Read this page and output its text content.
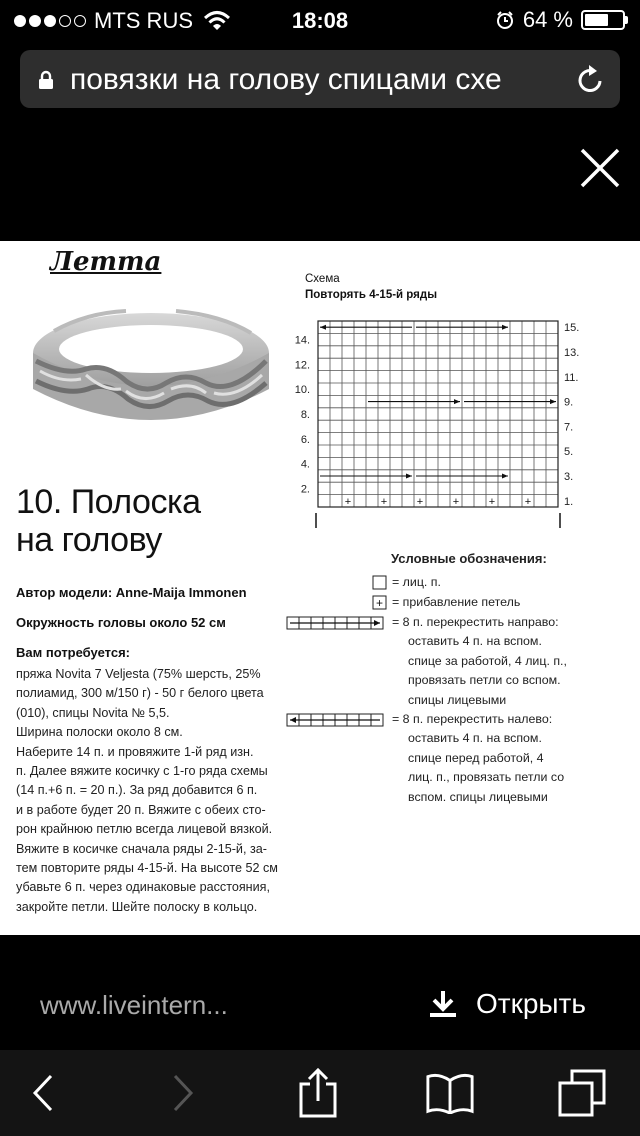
MTS RUS	18:08	64 %
повязки на голову спицами схе
Летта
10. Полоска
на голову
Автор модели: Anne-Maija Immonen
Окружность головы около 52 см
Вам потребуется:
пряжа Novita 7 Veljesta (75% шерсть, 25%
полиамид, 300 м/150 г) - 50 г белого цвета
(010), спицы Novita № 5,5.
Ширина полоски около 8 см.
Наберите 14 п. и провяжите 1-й ряд изн.
п. Далее вяжите косичку с 1-го ряда схемы
(14 п.+6 п. = 20 п.). За ряд добавится 6 п.
и в работе будет 20 п. Вяжите с обеих сто-
рон крайнюю петлю всегда лицевой вязкой.
Вяжите в косичке сначала ряды 2-15-й, за-
тем повторите ряды 4-15-й. На высоте 52 см
убавьте 6 п. через одинаковые расстояния,
закройте петли. Шейте полоску в кольцо.
Схема
Повторять 4-15-й ряды
14.
12.
10.
8.
6.
4.
2.
15.
13.
11.
9.
7.
5.
3.
1.
+	+	+	+	+	+
Условные обозначения:
= лиц. п.
+ = прибавление петель
= 8 п. перекрестить направо:
оставить 4 п. на вспом.
спице за работой, 4 лиц. п.,
провязать петли со вспом.
спицы лицевыми
= 8 п. перекрестить налево:
оставить 4 п. на вспом.
спице перед работой, 4
лиц. п., провязать петли со
вспом. спицы лицевыми
www.liveintern...	Открыть
